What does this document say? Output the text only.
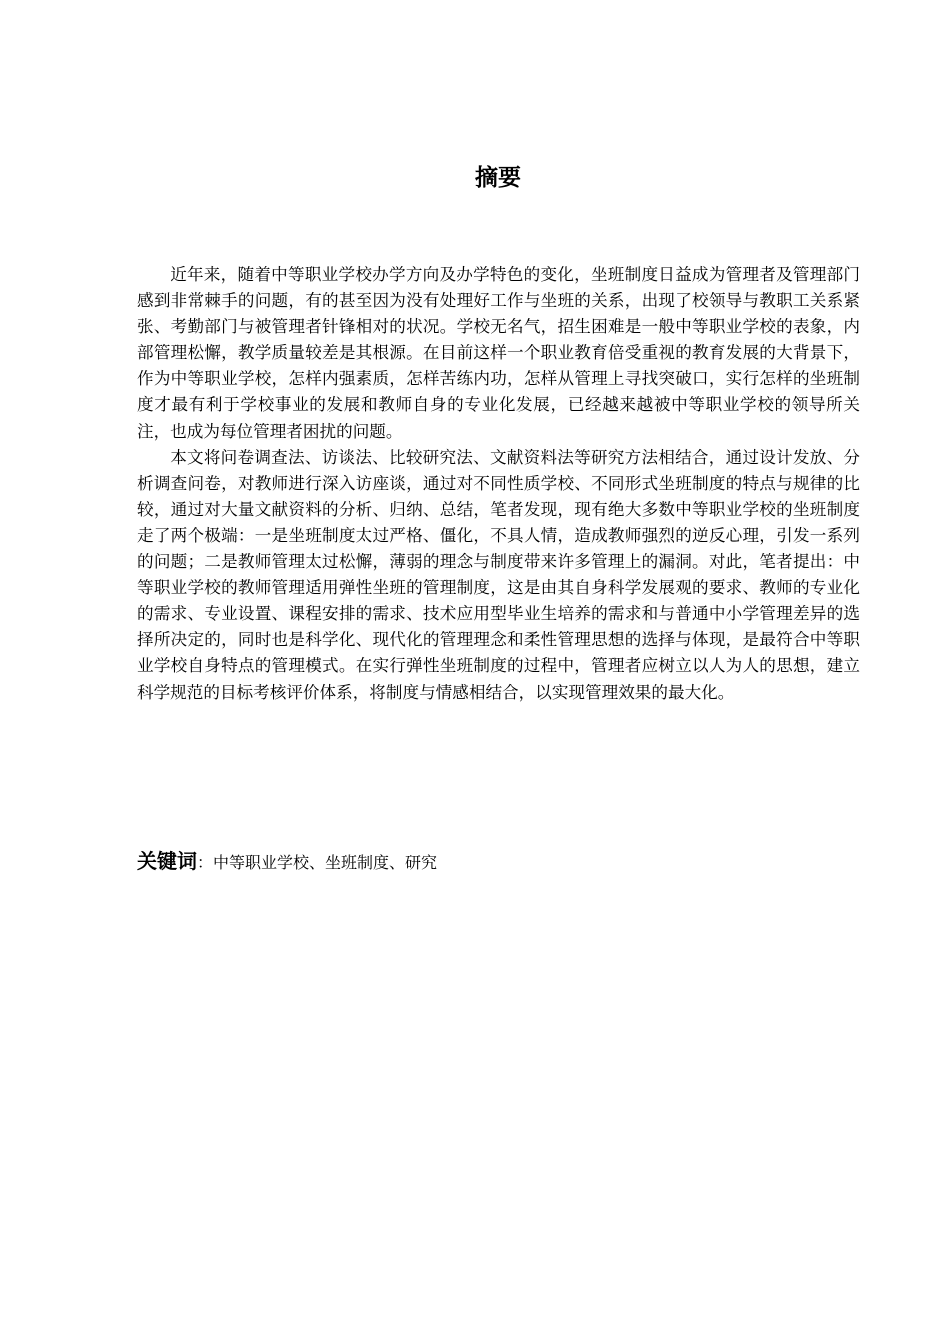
摘要

近年来，随着中等职业学校办学方向及办学特色的变化，坐班制度日益成为管理者及管理部门感到非常棘手的问题，有的甚至因为没有处理好工作与坐班的关系，出现了校领导与教职工关系紧张、考勤部门与被管理者针锋相对的状况。学校无名气，招生困难是一般中等职业学校的表象，内部管理松懈，教学质量较差是其根源。在目前这样一个职业教育倍受重视的教育发展的大背景下，作为中等职业学校，怎样内强素质，怎样苦练内功，怎样从管理上寻找突破口，实行怎样的坐班制度才最有利于学校事业的发展和教师自身的专业化发展，已经越来越被中等职业学校的领导所关注，也成为每位管理者困扰的问题。

本文将问卷调查法、访谈法、比较研究法、文献资料法等研究方法相结合，通过设计发放、分析调查问卷，对教师进行深入访座谈，通过对不同性质学校、不同形式坐班制度的特点与规律的比较，通过对大量文献资料的分析、归纳、总结，笔者发现，现有绝大多数中等职业学校的坐班制度走了两个极端：一是坐班制度太过严格、僵化，不具人情，造成教师强烈的逆反心理，引发一系列的问题；二是教师管理太过松懈，薄弱的理念与制度带来许多管理上的漏洞。对此，笔者提出：中等职业学校的教师管理适用弹性坐班的管理制度，这是由其自身科学发展观的要求、教师的专业化的需求、专业设置、课程安排的需求、技术应用型毕业生培养的需求和与普通中小学管理差异的选择所决定的，同时也是科学化、现代化的管理理念和柔性管理思想的选择与体现，是最符合中等职业学校自身特点的管理模式。在实行弹性坐班制度的过程中，管理者应树立以人为人的思想，建立科学规范的目标考核评价体系，将制度与情感相结合，以实现管理效果的最大化。

关键词：中等职业学校、坐班制度、研究
